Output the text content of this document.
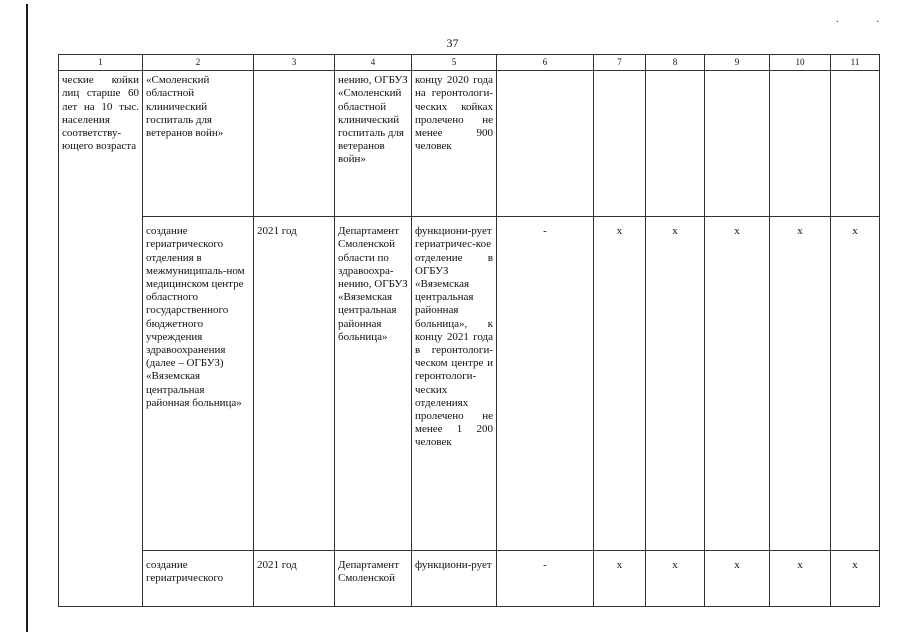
..
37
1	2	3	4	5	6	7	8	9	10	11
ческие койки лиц старше 60 лет на 10 тыс. населения соответству-ющего возраста	«Смоленский областной клинический госпиталь для ветеранов войн»		нению, ОГБУЗ «Смоленский областной клинический госпиталь для ветеранов войн»	концу 2020 года на геронтологи-ческих койках пролечено не менее 900 человек						
	создание гериатрического отделения в межмуниципаль-ном медицинском центре областного государственного бюджетного учреждения здравоохранения (далее – ОГБУЗ) «Вяземская центральная районная больница»	2021 год	Департамент Смоленской области по здравоохра-нению, ОГБУЗ «Вяземская центральная районная больница»	функциони-рует гериатричес-кое отделение в ОГБУЗ «Вяземская центральная районная больница», к концу 2021 года в геронтологи-ческом центре и геронтологи-ческих отделениях пролечено не менее 1 200 человек	-	х	х	х	х	х
	создание гериатрического	2021 год	Департамент Смоленской	функциони-рует	-	х	х	х	х	х
